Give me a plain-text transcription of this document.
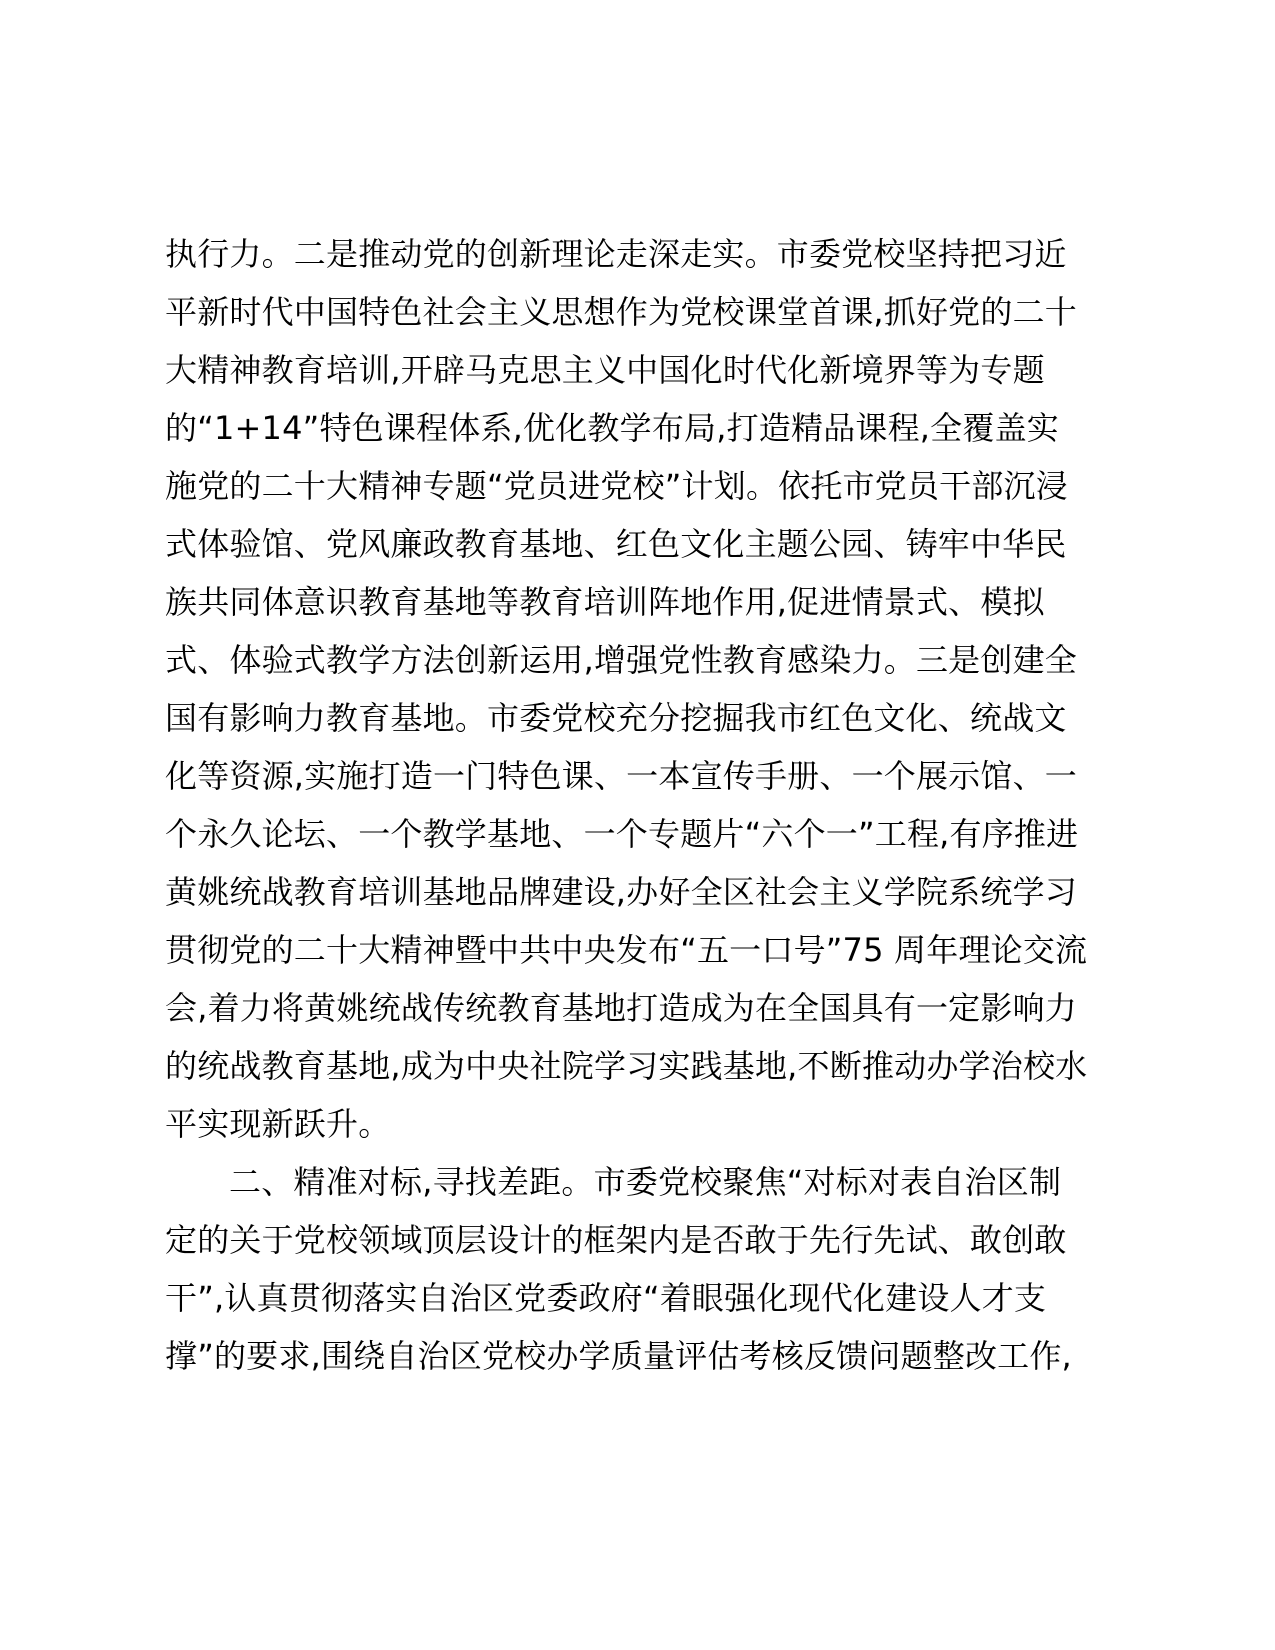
执行力。二是推动党的创新理论走深走实。市委党校坚持把习近
平新时代中国特色社会主义思想作为党校课堂首课,抓好党的二十
大精神教育培训,开辟马克思主义中国化时代化新境界等为专题
的“1+14”特色课程体系,优化教学布局,打造精品课程,全覆盖实
施党的二十大精神专题“党员进党校”计划。依托市党员干部沉浸
式体验馆、党风廉政教育基地、红色文化主题公园、铸牢中华民
族共同体意识教育基地等教育培训阵地作用,促进情景式、模拟
式、体验式教学方法创新运用,增强党性教育感染力。三是创建全
国有影响力教育基地。市委党校充分挖掘我市红色文化、统战文
化等资源,实施打造一门特色课、一本宣传手册、一个展示馆、一
个永久论坛、一个教学基地、一个专题片“六个一”工程,有序推进
黄姚统战教育培训基地品牌建设,办好全区社会主义学院系统学习
贯彻党的二十大精神暨中共中央发布“五一口号”75 周年理论交流
会,着力将黄姚统战传统教育基地打造成为在全国具有一定影响力
的统战教育基地,成为中央社院学习实践基地,不断推动办学治校水
平实现新跃升。
二、精准对标,寻找差距。市委党校聚焦“对标对表自治区制
定的关于党校领域顶层设计的框架内是否敢于先行先试、敢创敢
干”,认真贯彻落实自治区党委政府“着眼强化现代化建设人才支
撑”的要求,围绕自治区党校办学质量评估考核反馈问题整改工作,
